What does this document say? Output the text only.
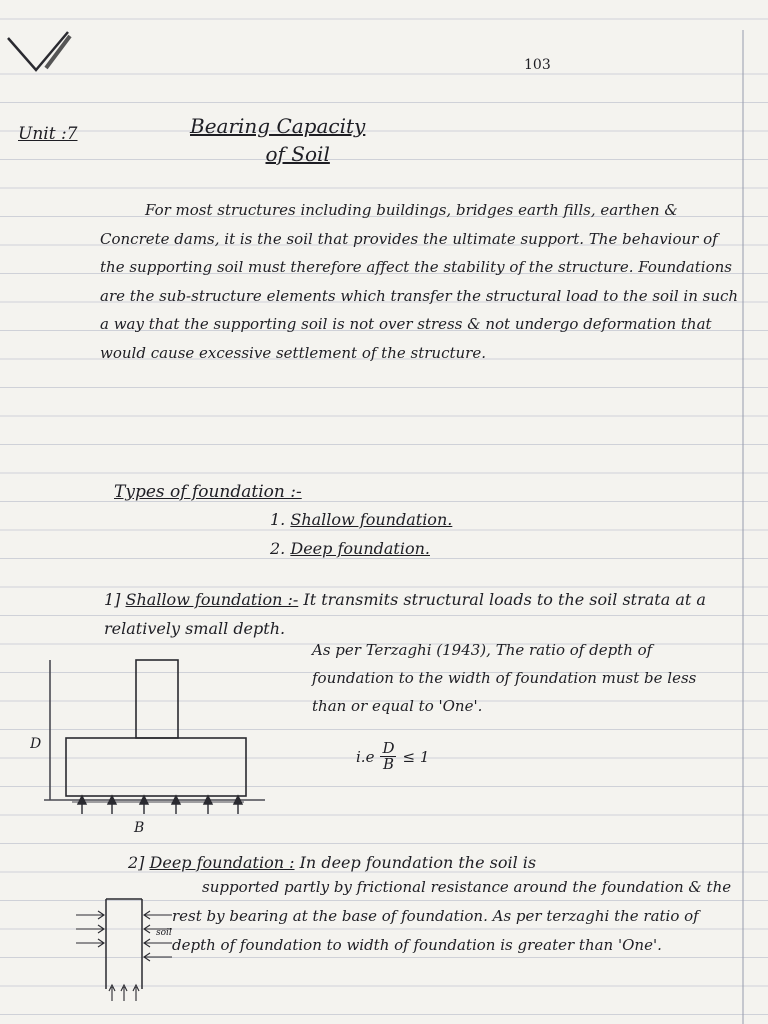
103
Unit :7	Bearing Capacity
of Soil

For most structures including buildings, bridges earth fills, earthen & Concrete dams, it is the soil that provides the ultimate support. The behaviour of the supporting soil must therefore affect the stability of the structure. Foundations are the sub-structure elements which transfer the structural load to the soil in such a way that the supporting soil is not over stress & not undergo deformation that would cause excessive settlement of the structure.

Types of foundation :-
1. Shallow foundation.
2. Deep foundation.
1] Shallow foundation :- It transmits structural loads to the soil strata at a relatively small depth.
D
B

As per Terzaghi (1943), The ratio of depth of foundation to the width of foundation must be less than or equal to 'One'.

$i.e \frac{D}{B} \le 1$
2] Deep foundation : In deep foundation the soil is
soil

supported partly by frictional resistance around the foundation & the rest by bearing at the base of foundation. As per terzaghi the ratio of depth of foundation to width of foundation is greater than 'One'.
